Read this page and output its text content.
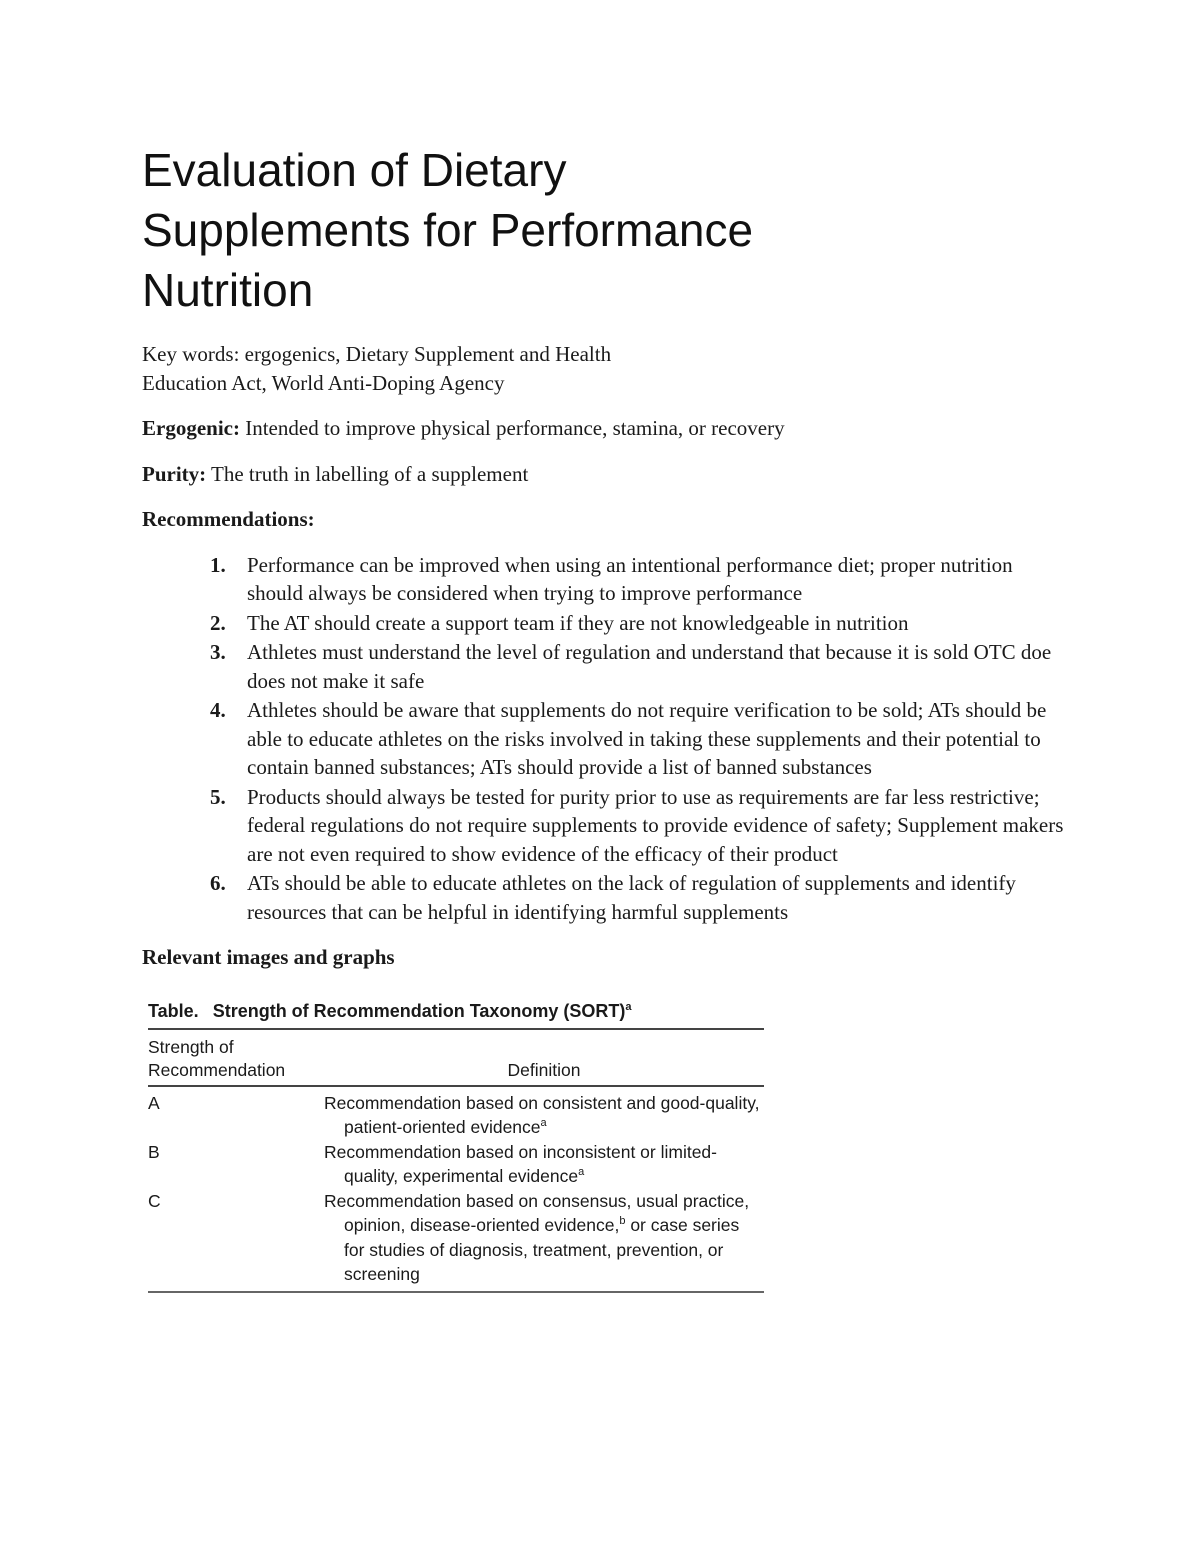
Evaluation of Dietary
Supplements for Performance
Nutrition

Key words: ergogenics, Dietary Supplement and Health
Education Act, World Anti-Doping Agency

Ergogenic: Intended to improve physical performance, stamina, or recovery

Purity: The truth in labelling of a supplement

Recommendations:

1. Performance can be improved when using an intentional performance diet; proper nutrition should always be considered when trying to improve performance
2. The AT should create a support team if they are not knowledgeable in nutrition
3. Athletes must understand the level of regulation and understand that because it is sold OTC doe does not make it safe
4. Athletes should be aware that supplements do not require verification to be sold; ATs should be able to educate athletes on the risks involved in taking these supplements and their potential to contain banned substances; ATs should provide a list of banned substances
5. Products should always be tested for purity prior to use as requirements are far less restrictive; federal regulations do not require supplements to provide evidence of safety; Supplement makers are not even required to show evidence of the efficacy of their product
6. ATs should be able to educate athletes on the lack of regulation of supplements and identify resources that can be helpful in identifying harmful supplements

Relevant images and graphs

Table. Strength of Recommendation Taxonomy (SORT)$^a$
Strength of
Recommendation	Definition
A	Recommendation based on consistent and good-quality, patient-oriented evidence$^a$
B	Recommendation based on inconsistent or limited-quality, experimental evidence$^a$
C	Recommendation based on consensus, usual practice, opinion, disease-oriented evidence,$^b$ or case series for studies of diagnosis, treatment, prevention, or screening
